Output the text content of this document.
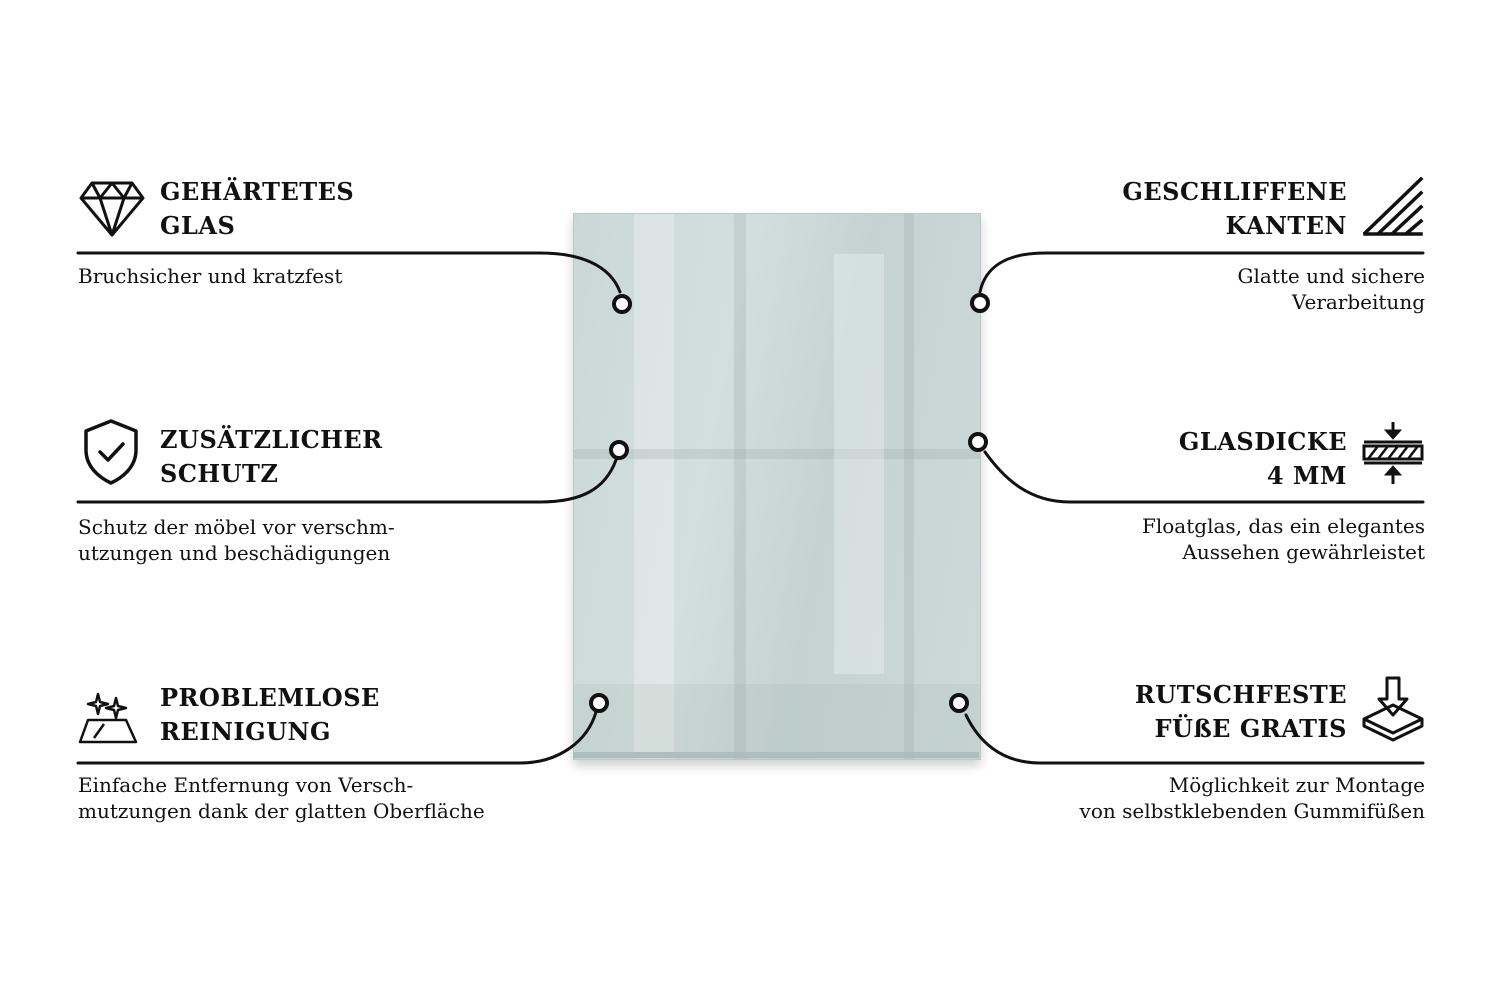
GEHÄRTETES
GLAS
Bruchsicher und kratzfest
ZUSÄTZLICHER
SCHUTZ
Schutz der möbel vor verschm-
utzungen und beschädigungen
PROBLEMLOSE
REINIGUNG
Einfache Entfernung von Versch-
mutzungen dank der glatten Oberfläche
GESCHLIFFENE
KANTEN
Glatte und sichere
Verarbeitung
GLASDICKE
4 MM
Floatglas, das ein elegantes
Aussehen gewährleistet
RUTSCHFESTE
FÜßE GRATIS
Möglichkeit zur Montage
von selbstklebenden Gummifüßen
